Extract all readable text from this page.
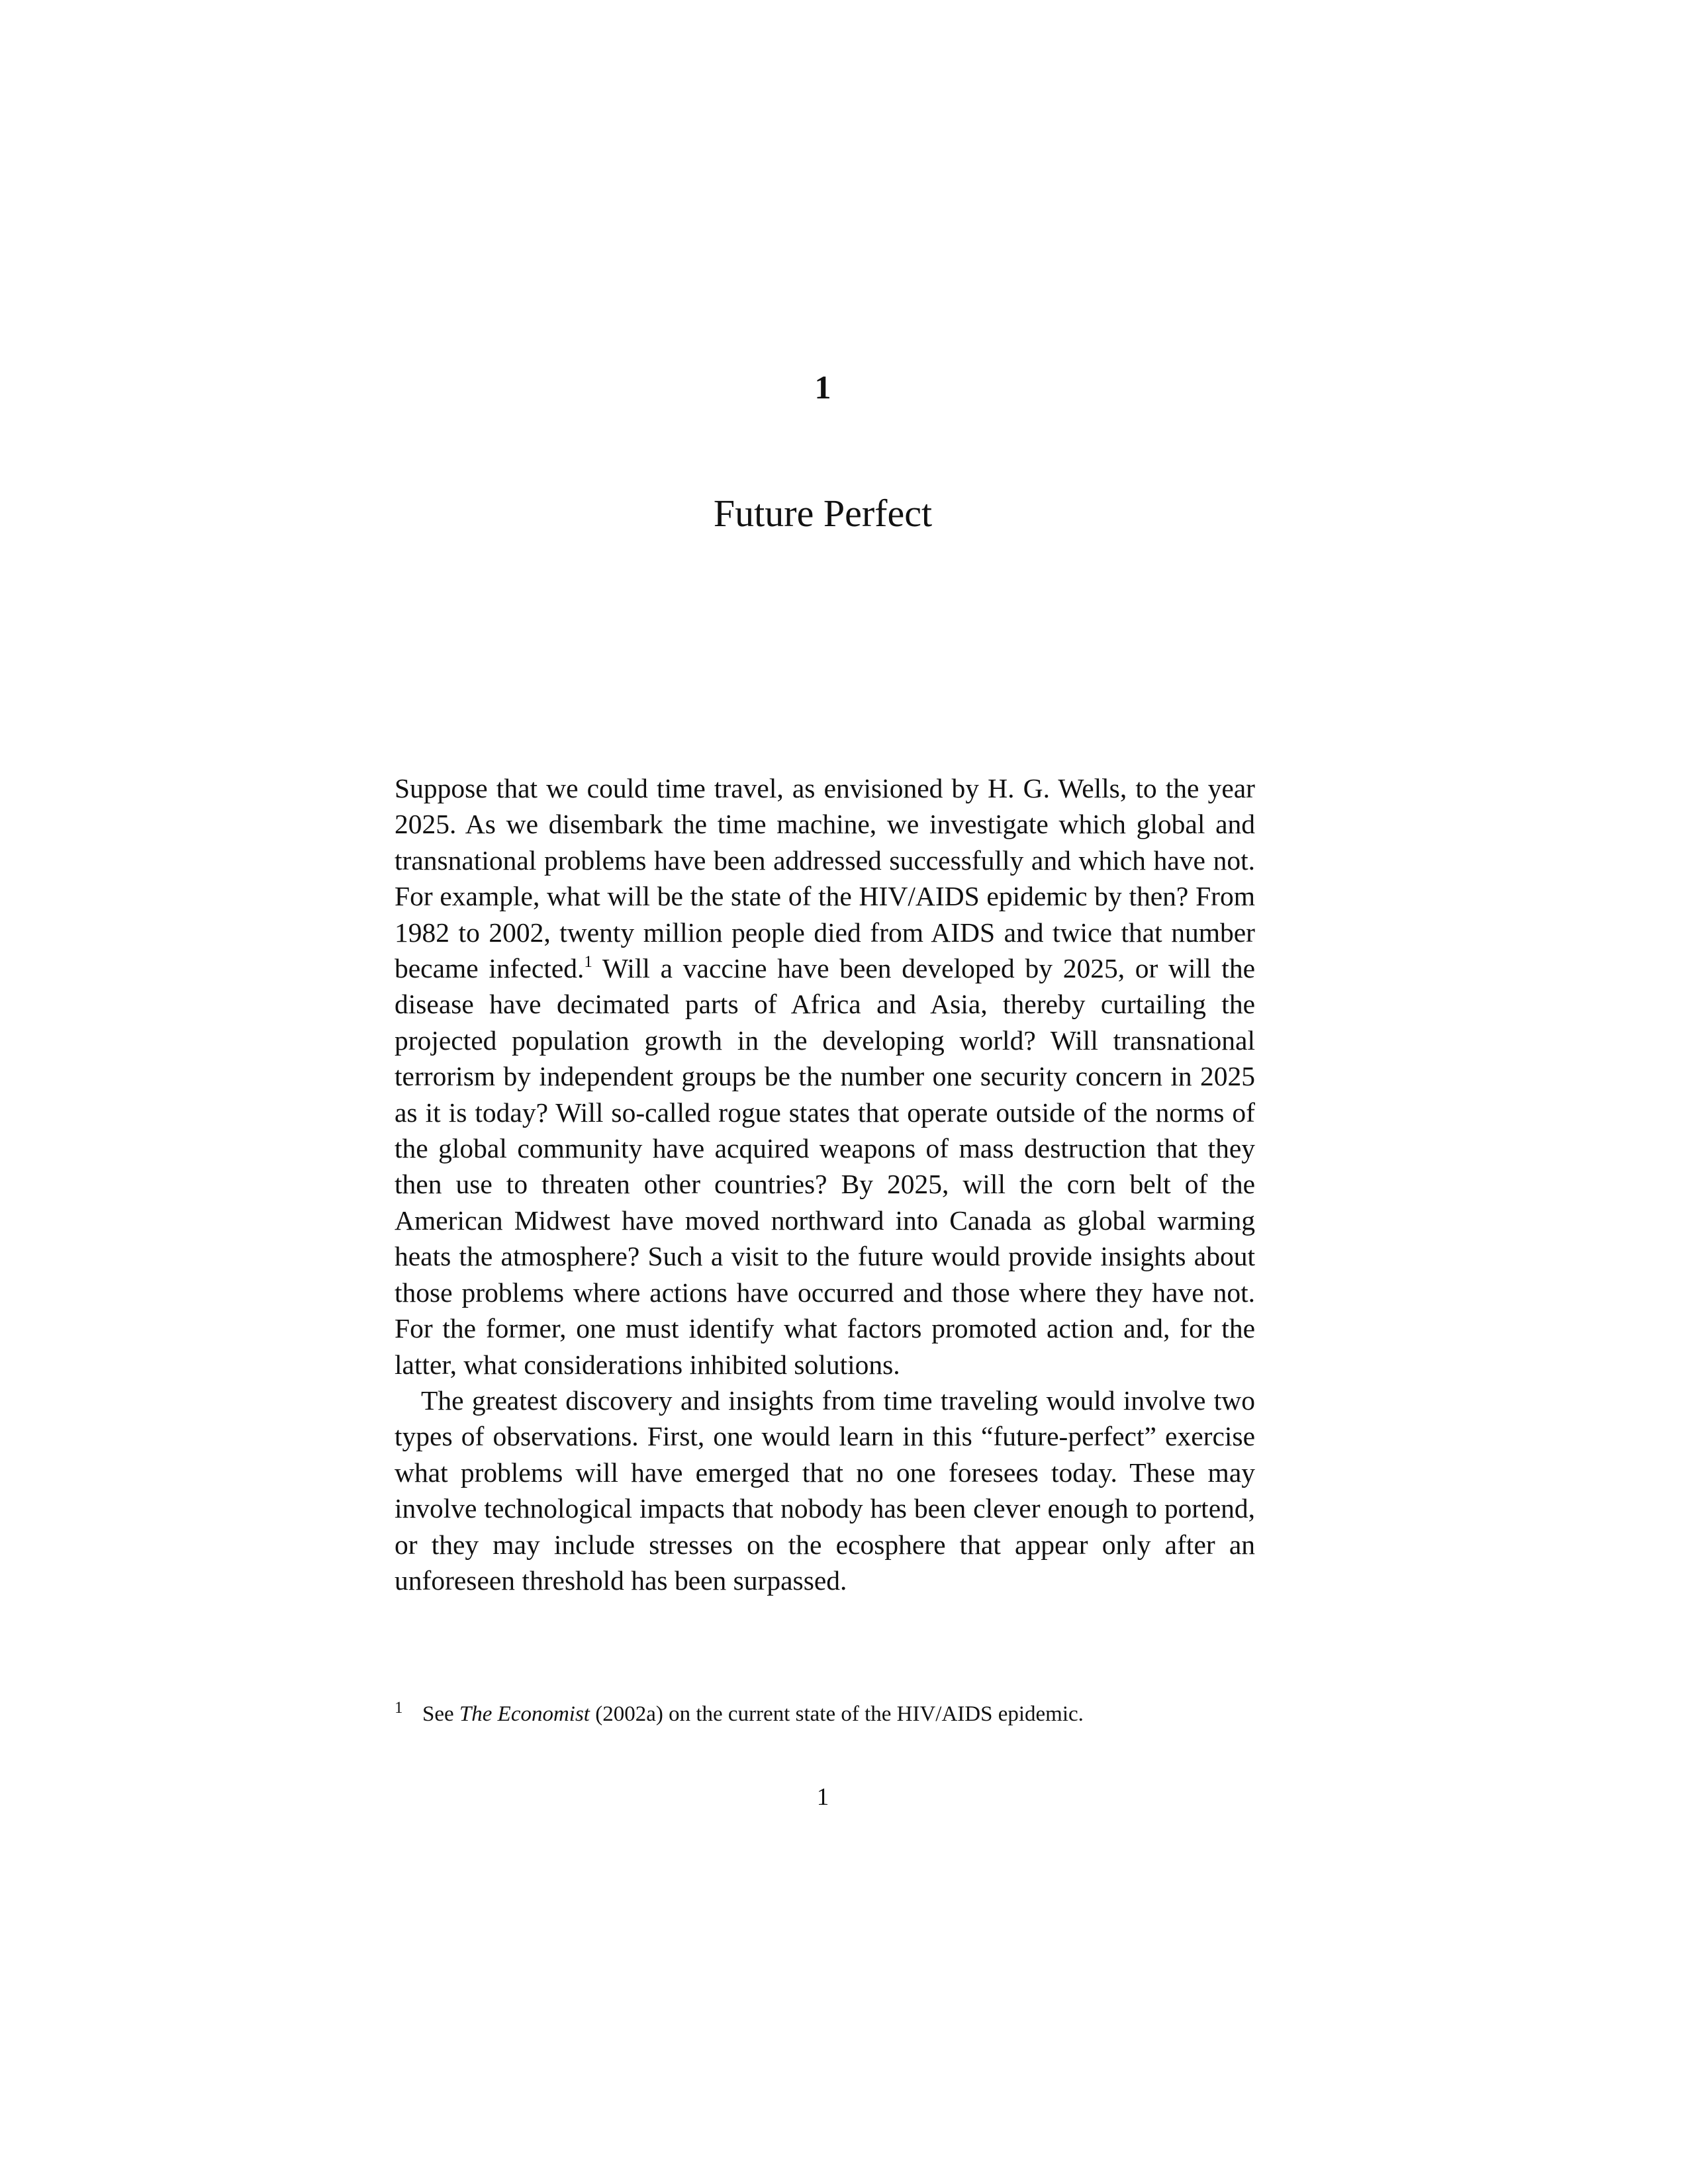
1
Future Perfect

Suppose that we could time travel, as envisioned by H. G. Wells, to the year 2025. As we disembark the time machine, we investigate which global and transnational problems have been addressed successfully and which have not. For example, what will be the state of the HIV/AIDS epidemic by then? From 1982 to 2002, twenty million people died from AIDS and twice that number became infected.$^1$ Will a vaccine have been developed by 2025, or will the disease have decimated parts of Africa and Asia, thereby curtailing the projected population growth in the developing world? Will transnational terrorism by independent groups be the number one security concern in 2025 as it is today? Will so-called rogue states that operate outside of the norms of the global community have acquired weapons of mass destruction that they then use to threaten other countries? By 2025, will the corn belt of the American Midwest have moved northward into Canada as global warming heats the atmosphere? Such a visit to the future would provide insights about those problems where actions have occurred and those where they have not. For the former, one must identify what factors promoted action and, for the latter, what considerations inhibited solutions.

The greatest discovery and insights from time traveling would involve two types of observations. First, one would learn in this “future-perfect” exercise what problems will have emerged that no one foresees today. These may involve technological impacts that nobody has been clever enough to portend, or they may include stresses on the ecosphere that appear only after an unforeseen threshold has been surpassed.

1 See The Economist (2002a) on the current state of the HIV/AIDS epidemic.
1
